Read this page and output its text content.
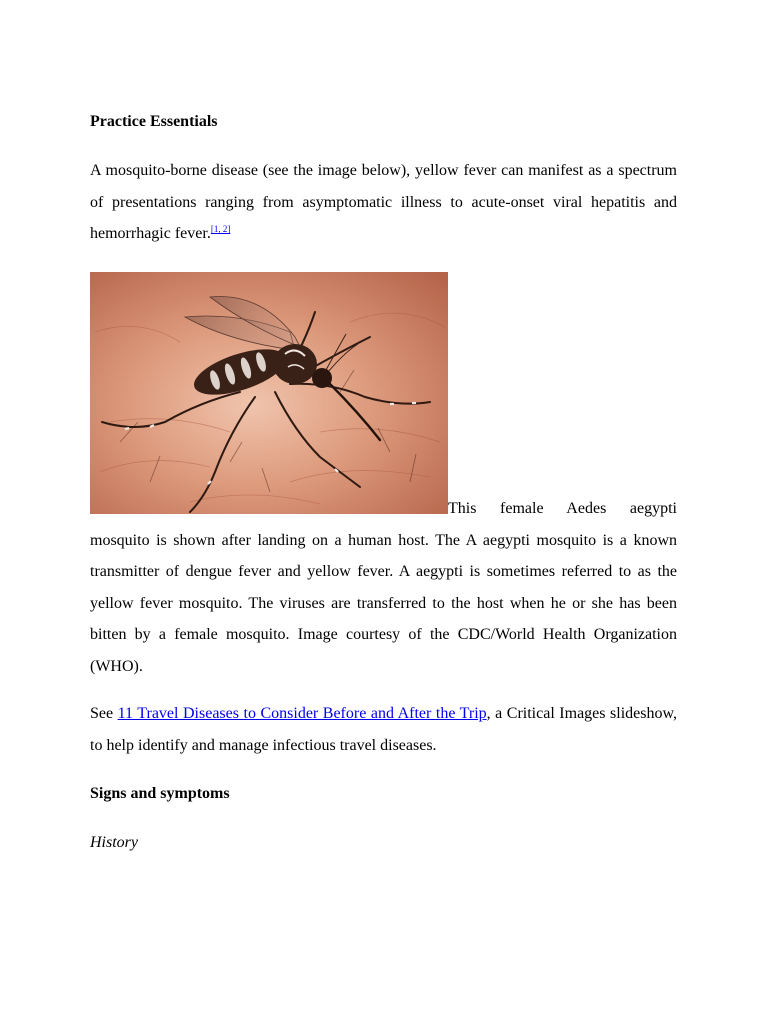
Practice Essentials
A mosquito-borne disease (see the image below), yellow fever can manifest as a spectrum of presentations ranging from asymptomatic illness to acute-onset viral hepatitis and hemorrhagic fever.[1, 2]
This female Aedes aegypti
mosquito is shown after landing on a human host. The A aegypti mosquito is a known transmitter of dengue fever and yellow fever. A aegypti is sometimes referred to as the yellow fever mosquito. The viruses are transferred to the host when he or she has been bitten by a female mosquito. Image courtesy of the CDC/World Health Organization (WHO).
See 11 Travel Diseases to Consider Before and After the Trip, a Critical Images slideshow, to help identify and manage infectious travel diseases.
Signs and symptoms
History
